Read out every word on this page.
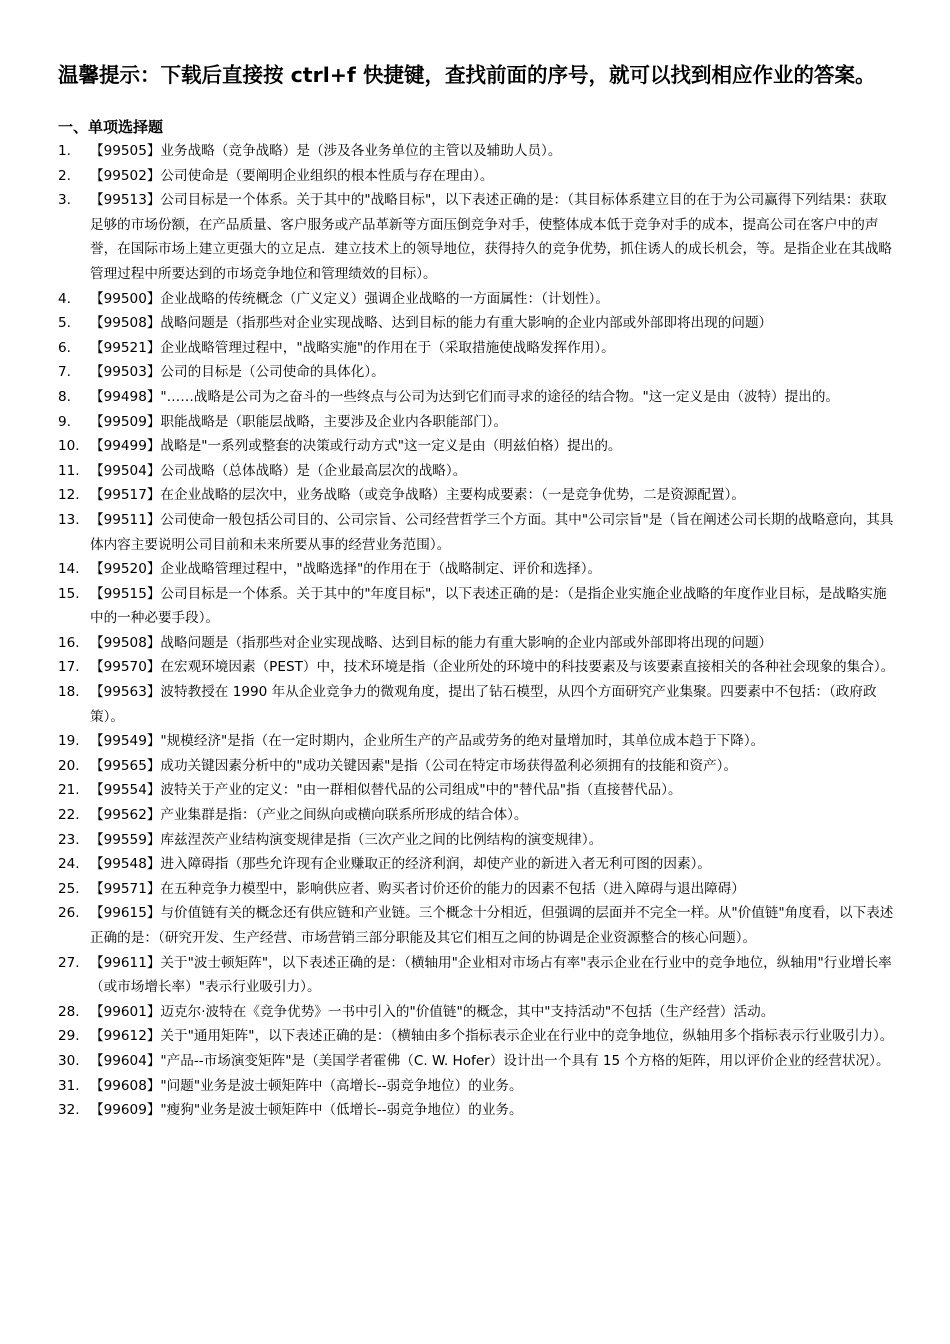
温馨提示：下载后直接按 ctrl+f 快捷键，查找前面的序号，就可以找到相应作业的答案。
一、单项选择题
1.	【99505】业务战略（竞争战略）是（涉及各业务单位的主管以及辅助人员）。
2.	【99502】公司使命是（要阐明企业组织的根本性质与存在理由）。
3.	【99513】公司目标是一个体系。关于其中的"战略目标"，以下表述正确的是：（其目标体系建立目的在于为公司赢得下列结果：获取足够的市场份额，在产品质量、客户服务或产品革新等方面压倒竞争对手，使整体成本低于竞争对手的成本，提高公司在客户中的声誉，在国际市场上建立更强大的立足点．建立技术上的领导地位，获得持久的竞争优势，抓住诱人的成长机会，等。是指企业在其战略管理过程中所要达到的市场竞争地位和管理绩效的目标）。
4.	【99500】企业战略的传统概念（广义定义）强调企业战略的一方面属性：（计划性）。
5.	【99508】战略问题是（指那些对企业实现战略、达到目标的能力有重大影响的企业内部或外部即将出现的问题）
6.	【99521】企业战略管理过程中，"战略实施"的作用在于（采取措施使战略发挥作用）。
7.	【99503】公司的目标是（公司使命的具体化）。
8.	【99498】"……战略是公司为之奋斗的一些终点与公司为达到它们而寻求的途径的结合物。"这一定义是由（波特）提出的。
9.	【99509】职能战略是（职能层战略，主要涉及企业内各职能部门）。
10. 【99499】战略是"一系列或整套的决策或行动方式"这一定义是由（明兹伯格）提出的。
11. 【99504】公司战略（总体战略）是（企业最高层次的战略）。
12. 【99517】在企业战略的层次中，业务战略（或竞争战略）主要构成要素：（一是竞争优势，二是资源配置）。
13. 【99511】公司使命一般包括公司目的、公司宗旨、公司经营哲学三个方面。其中"公司宗旨"是（旨在阐述公司长期的战略意向，其具体内容主要说明公司目前和未来所要从事的经营业务范围）。
14. 【99520】企业战略管理过程中，"战略选择"的作用在于（战略制定、评价和选择）。
15. 【99515】公司目标是一个体系。关于其中的"年度目标"，以下表述正确的是：（是指企业实施企业战略的年度作业目标，是战略实施中的一种必要手段）。
16. 【99508】战略问题是（指那些对企业实现战略、达到目标的能力有重大影响的企业内部或外部即将出现的问题）
17. 【99570】在宏观环境因素（PEST）中，技术环境是指（企业所处的环境中的科技要素及与该要素直接相关的各种社会现象的集合）。
18. 【99563】波特教授在 1990 年从企业竞争力的微观角度，提出了钻石模型，从四个方面研究产业集聚。四要素中不包括：（政府政策）。
19. 【99549】"规模经济"是指（在一定时期内，企业所生产的产品或劳务的绝对量增加时，其单位成本趋于下降）。
20. 【99565】成功关键因素分析中的"成功关键因素"是指（公司在特定市场获得盈利必须拥有的技能和资产）。
21. 【99554】波特关于产业的定义："由一群相似替代品的公司组成"中的"替代品"指（直接替代品）。
22. 【99562】产业集群是指：（产业之间纵向或横向联系所形成的结合体）。
23. 【99559】库兹涅茨产业结构演变规律是指（三次产业之间的比例结构的演变规律）。
24. 【99548】进入障碍指（那些允许现有企业赚取正的经济利润，却使产业的新进入者无利可图的因素）。
25. 【99571】在五种竞争力模型中，影响供应者、购买者讨价还价的能力的因素不包括（进入障碍与退出障碍）
26. 【99615】与价值链有关的概念还有供应链和产业链。三个概念十分相近，但强调的层面并不完全一样。从"价值链"角度看，以下表述正确的是：（研究开发、生产经营、市场营销三部分职能及其它们相互之间的协调是企业资源整合的核心问题）。
27. 【99611】关于"波士顿矩阵"，以下表述正确的是：（横轴用"企业相对市场占有率"表示企业在行业中的竞争地位，纵轴用"行业增长率（或市场增长率）"表示行业吸引力）。
28. 【99601】迈克尔·波特在《竞争优势》一书中引入的"价值链"的概念，其中"支持活动"不包括（生产经营）活动。
29. 【99612】关于"通用矩阵"，以下表述正确的是：（横轴由多个指标表示企业在行业中的竞争地位，纵轴用多个指标表示行业吸引力）。
30. 【99604】"产品--市场演变矩阵"是（美国学者霍佛（C. W. Hofer）设计出一个具有 15 个方格的矩阵，用以评价企业的经营状况）。
31. 【99608】"问题"业务是波士顿矩阵中（高增长--弱竞争地位）的业务。
32. 【99609】"瘦狗"业务是波士顿矩阵中（低增长--弱竞争地位）的业务。
